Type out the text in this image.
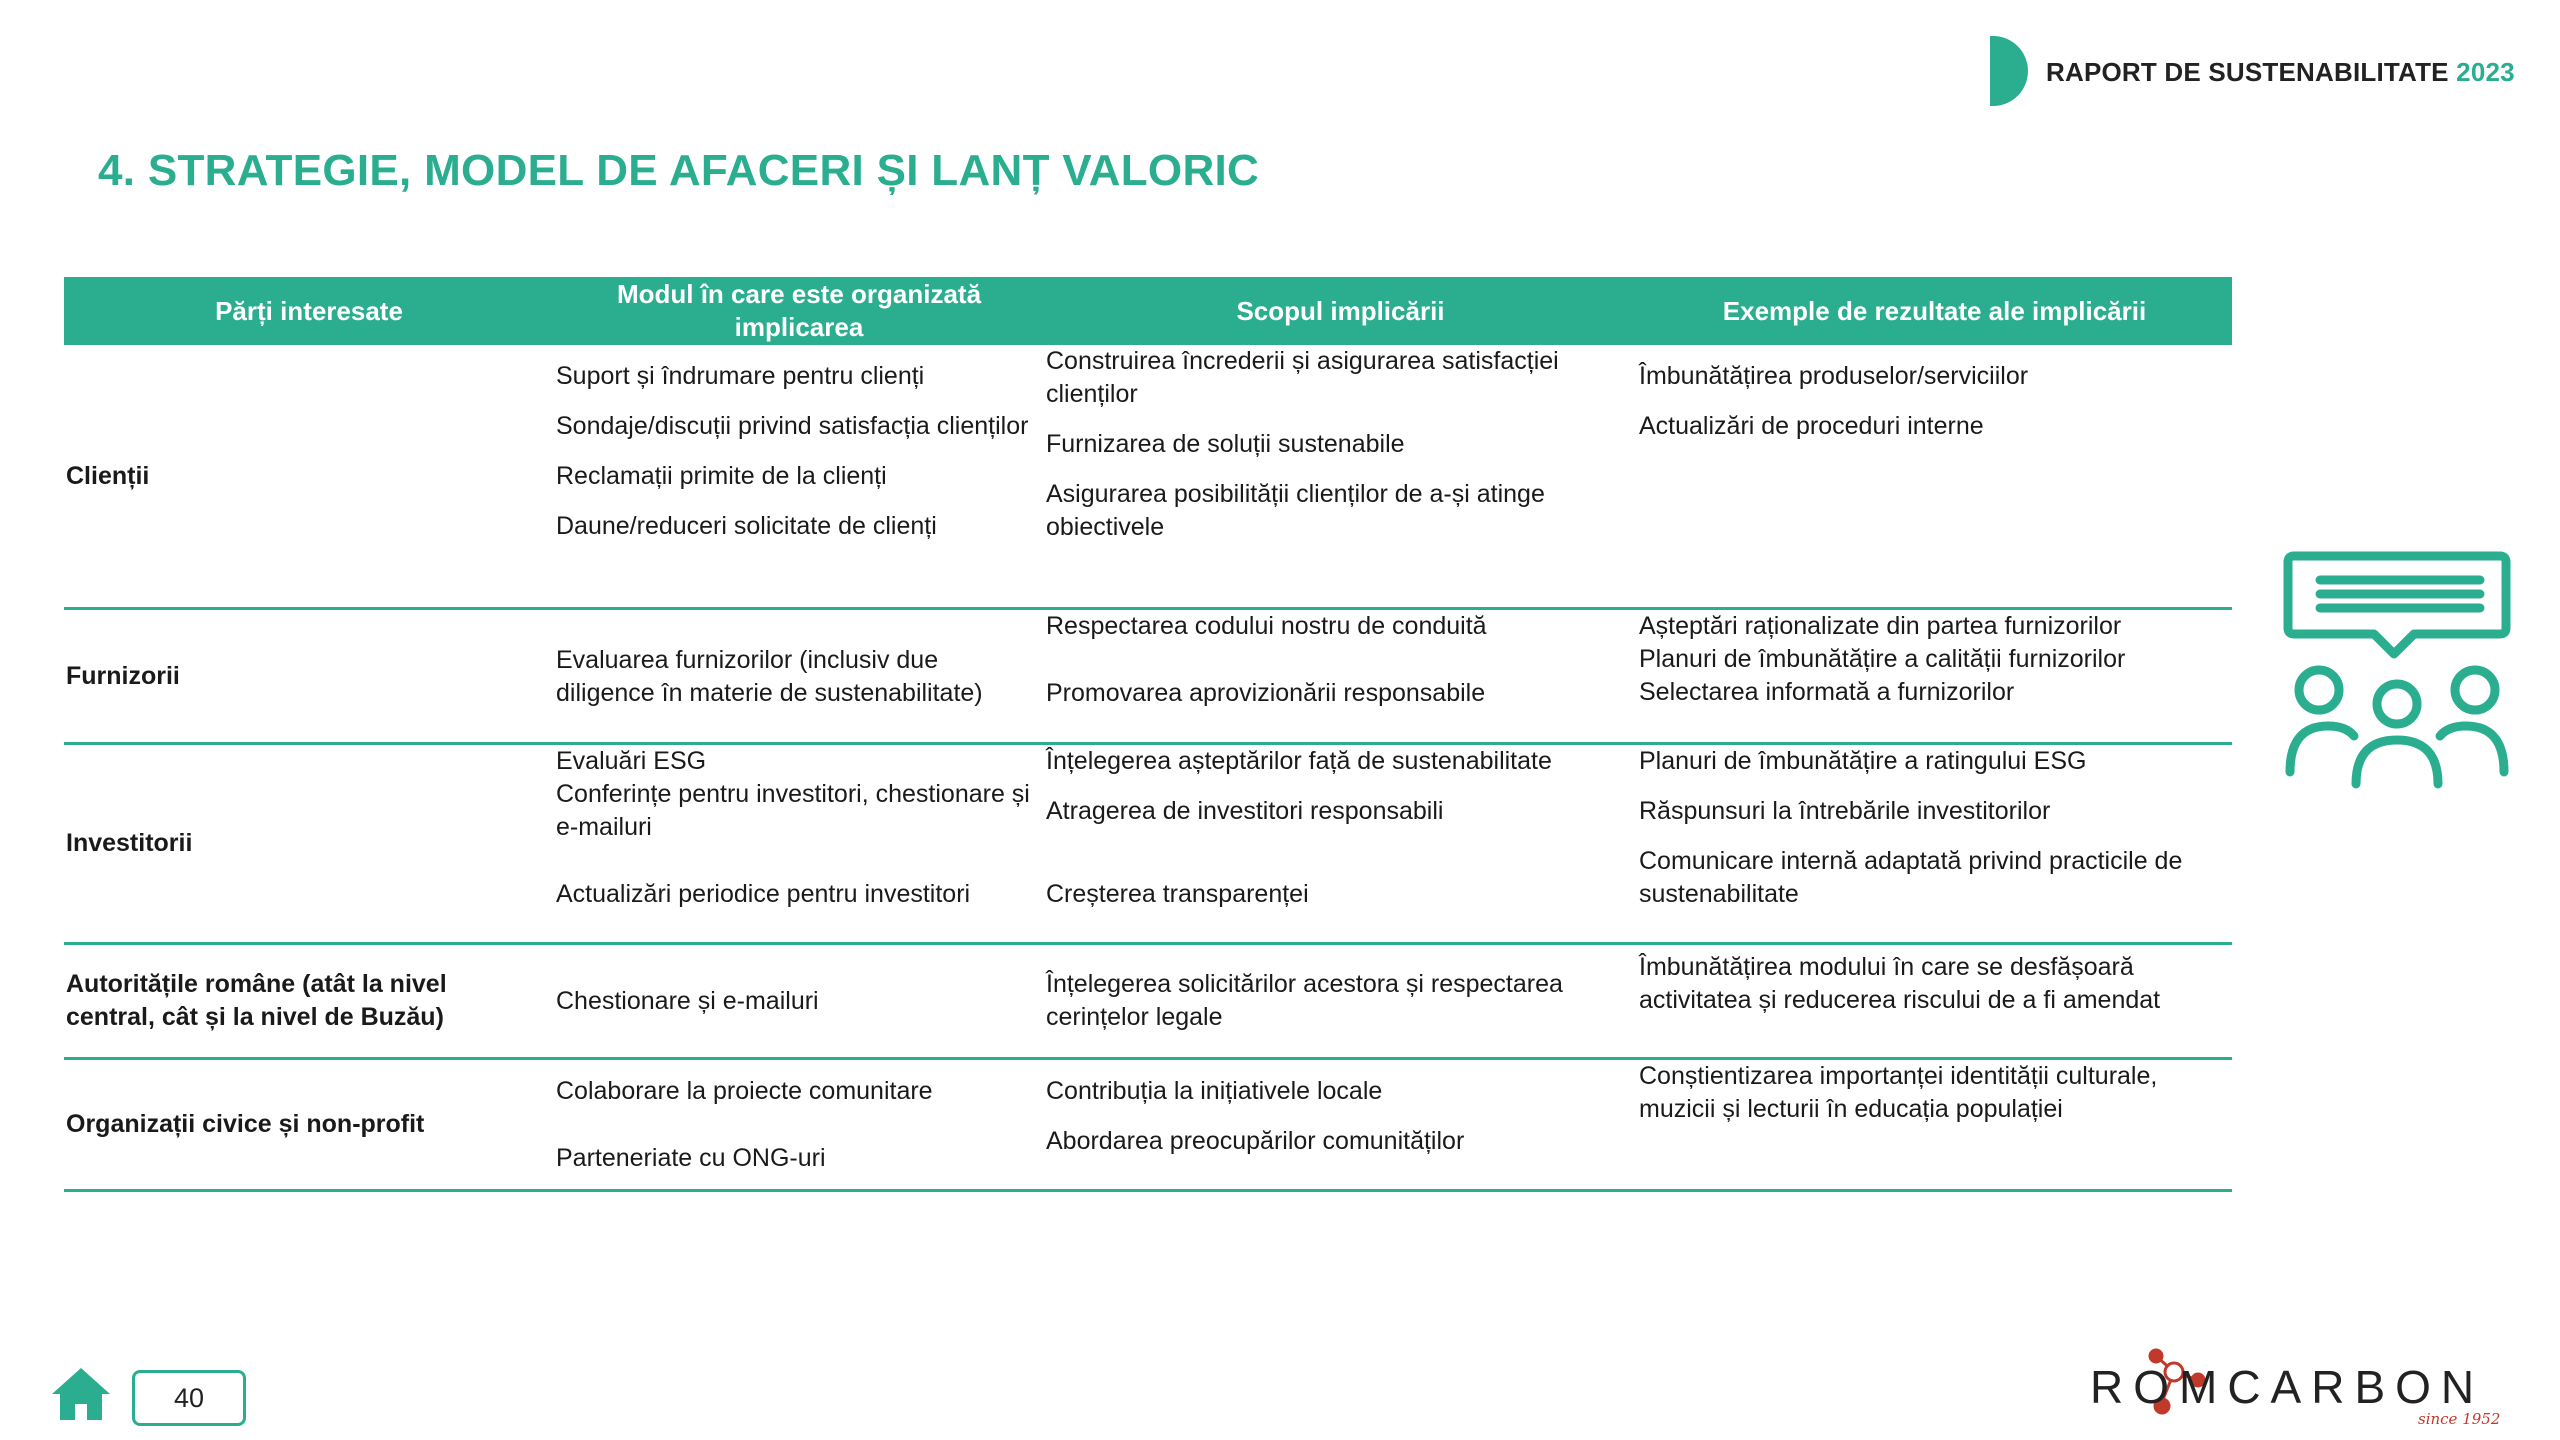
RAPORT DE SUSTENABILITATE 2023
4. STRATEGIE, MODEL DE AFACERI ȘI LANȚ VALORIC
Părți interesate
Modul în care este organizată implicarea
Scopul implicării	Exemple de rezultate ale implicării
Clienții
Suport și îndrumare pentru clienți
Sondaje/discuții privind satisfacția clienților
Reclamații primite de la clienți
Daune/reduceri solicitate de clienți
Construirea încrederii și asigurarea satisfacției clienților
Furnizarea de soluții sustenabile
Asigurarea posibilității clienților de a-și atinge obiectivele
Îmbunătățirea produselor/serviciilor
Actualizări de proceduri interne
Furnizorii
Evaluarea furnizorilor (inclusiv due diligence în materie de sustenabilitate)
Respectarea codului nostru de conduită
Promovarea aprovizionării responsabile
Așteptări raționalizate din partea furnizorilor
Planuri de îmbunătățire a calității furnizorilor
Selectarea informată a furnizorilor
Investitorii
Evaluări ESG
Conferințe pentru investitori, chestionare și e-mailuri
Actualizări periodice pentru investitori
Înțelegerea așteptărilor față de sustenabilitate
Atragerea de investitori responsabili
Creșterea transparenței
Planuri de îmbunătățire a ratingului ESG
Răspunsuri la întrebările investitorilor
Comunicare internă adaptată privind practicile de sustenabilitate
Autoritățile române (atât la nivel central, cât și la nivel de Buzău)
Chestionare și e-mailuri
Înțelegerea solicitărilor acestora și respectarea cerințelor legale
Îmbunătățirea modului în care se desfășoară activitatea și reducerea riscului de a fi amendat
Organizații civice și non-profit
Colaborare la proiecte comunitare
Parteneriate cu ONG-uri
Contribuția la inițiativele locale
Abordarea preocupărilor comunităților
Conștientizarea importanței identității culturale, muzicii și lecturii în educația populației
40	ROMCARBON
since 1952
